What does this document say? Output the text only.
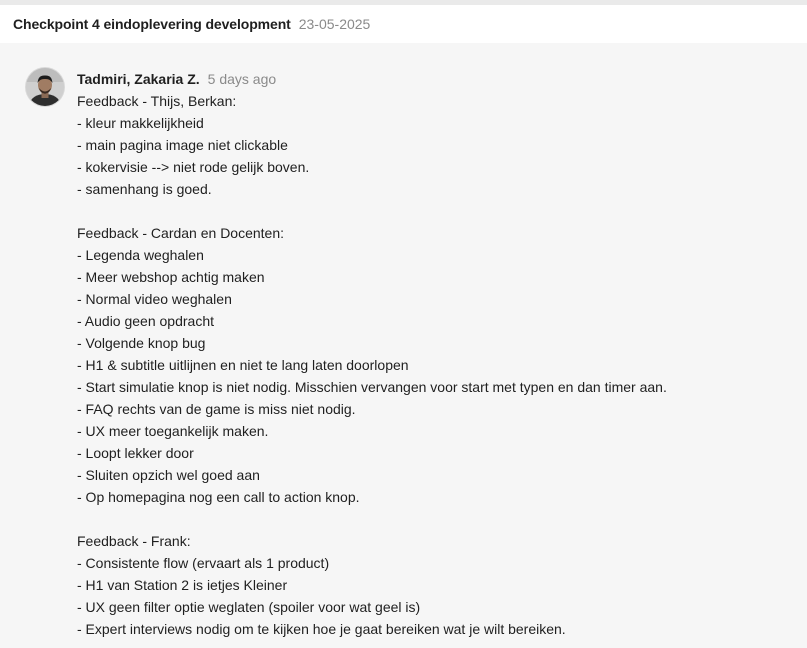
Checkpoint 4 eindoplevering development 23-05-2025
Tadmiri, Zakaria Z. 5 days ago
Feedback - Thijs, Berkan:
- kleur makkelijkheid
- main pagina image niet clickable
- kokervisie --> niet rode gelijk boven.
- samenhang is goed.
Feedback - Cardan en Docenten:
- Legenda weghalen
- Meer webshop achtig maken
- Normal video weghalen
- Audio geen opdracht
- Volgende knop bug
- H1 & subtitle uitlijnen en niet te lang laten doorlopen
- Start simulatie knop is niet nodig. Misschien vervangen voor start met typen en dan timer aan.
- FAQ rechts van de game is miss niet nodig.
- UX meer toegankelijk maken.
- Loopt lekker door
- Sluiten opzich wel goed aan
- Op homepagina nog een call to action knop.
Feedback - Frank:
- Consistente flow (ervaart als 1 product)
- H1 van Station 2 is ietjes Kleiner
- UX geen filter optie weglaten (spoiler voor wat geel is)
- Expert interviews nodig om te kijken hoe je gaat bereiken wat je wilt bereiken.
